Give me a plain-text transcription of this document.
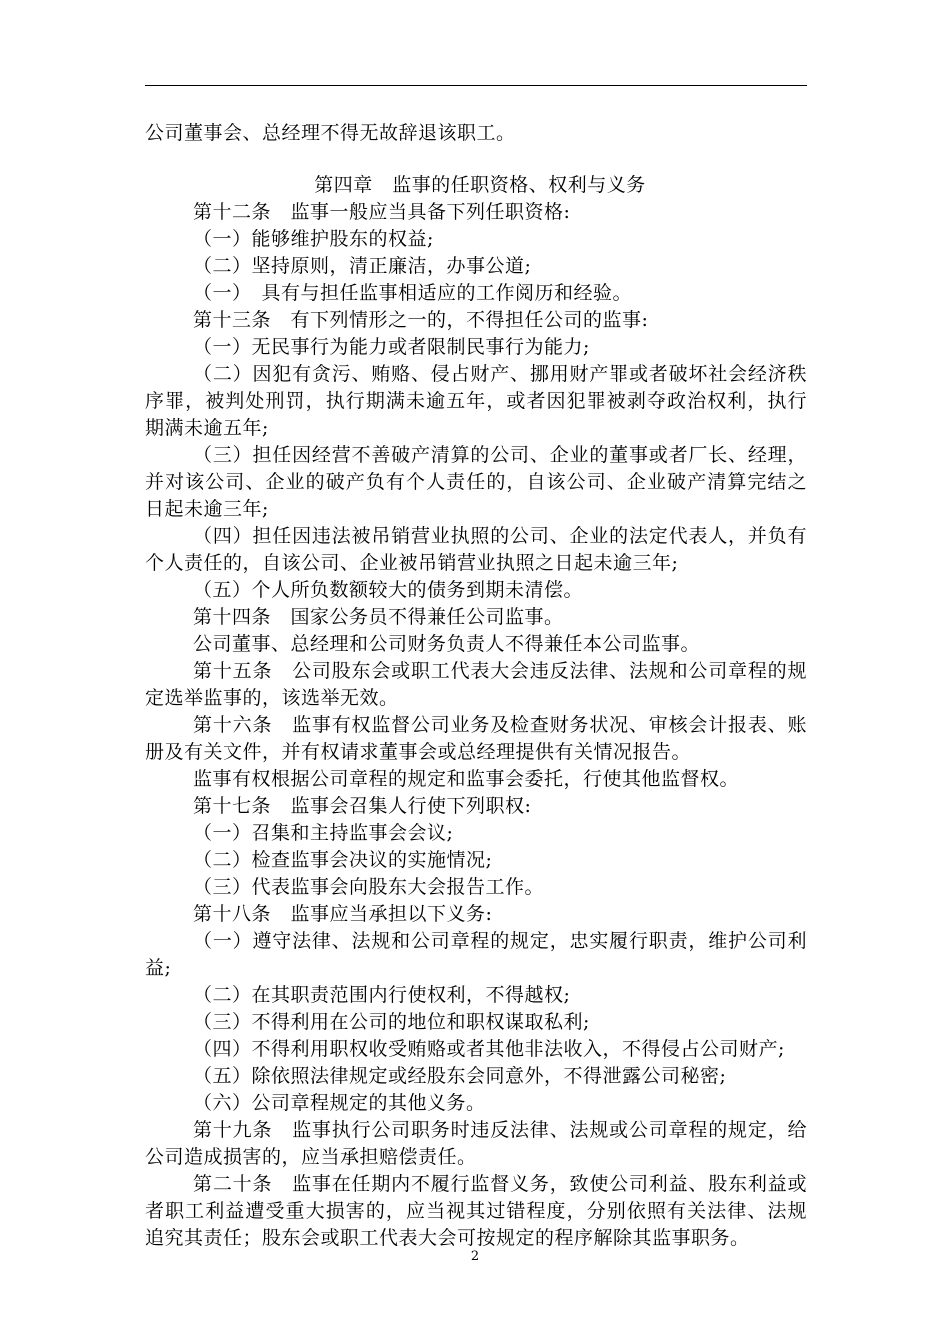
公司董事会、总经理不得无故辞退该职工。

第四章　监事的任职资格、权利与义务

第十二条　监事一般应当具备下列任职资格:

（一）能够维护股东的权益;

（二）坚持原则，清正廉洁，办事公道;

（一）　具有与担任监事相适应的工作阅历和经验。

第十三条　有下列情形之一的，不得担任公司的监事:

（一）无民事行为能力或者限制民事行为能力;

（二）因犯有贪污、贿赂、侵占财产、挪用财产罪或者破坏社会经济秩序罪，被判处刑罚，执行期满未逾五年，或者因犯罪被剥夺政治权利，执行期满未逾五年;

（三）担任因经营不善破产清算的公司、企业的董事或者厂长、经理，并对该公司、企业的破产负有个人责任的，自该公司、企业破产清算完结之日起未逾三年;

（四）担任因违法被吊销营业执照的公司、企业的法定代表人，并负有个人责任的，自该公司、企业被吊销营业执照之日起未逾三年;

（五）个人所负数额较大的债务到期未清偿。

第十四条　国家公务员不得兼任公司监事。

公司董事、总经理和公司财务负责人不得兼任本公司监事。

第十五条　公司股东会或职工代表大会违反法律、法规和公司章程的规定选举监事的，该选举无效。

第十六条　监事有权监督公司业务及检查财务状况、审核会计报表、账册及有关文件，并有权请求董事会或总经理提供有关情况报告。

监事有权根据公司章程的规定和监事会委托，行使其他监督权。

第十七条　监事会召集人行使下列职权:

（一）召集和主持监事会会议;

（二）检查监事会决议的实施情况;

（三）代表监事会向股东大会报告工作。

第十八条　监事应当承担以下义务:

（一）遵守法律、法规和公司章程的规定，忠实履行职责，维护公司利益;

（二）在其职责范围内行使权利，不得越权;

（三）不得利用在公司的地位和职权谋取私利;

（四） 不得利用职权收受贿赂或者其他非法收入，不得侵占公司财产;

（五）除依照法律规定或经股东会同意外，不得泄露公司秘密;

（六）公司章程规定的其他义务。

第十九条　监事执行公司职务时违反法律、法规或公司章程的规定，给公司造成损害的，应当承担赔偿责任。

第二十条　监事在任期内不履行监督义务，致使公司利益、股东利益或者职工利益遭受重大损害的，应当视其过错程度，分别依照有关法律、法规追究其责任；股东会或职工代表大会可按规定的程序解除其监事职务。

2
